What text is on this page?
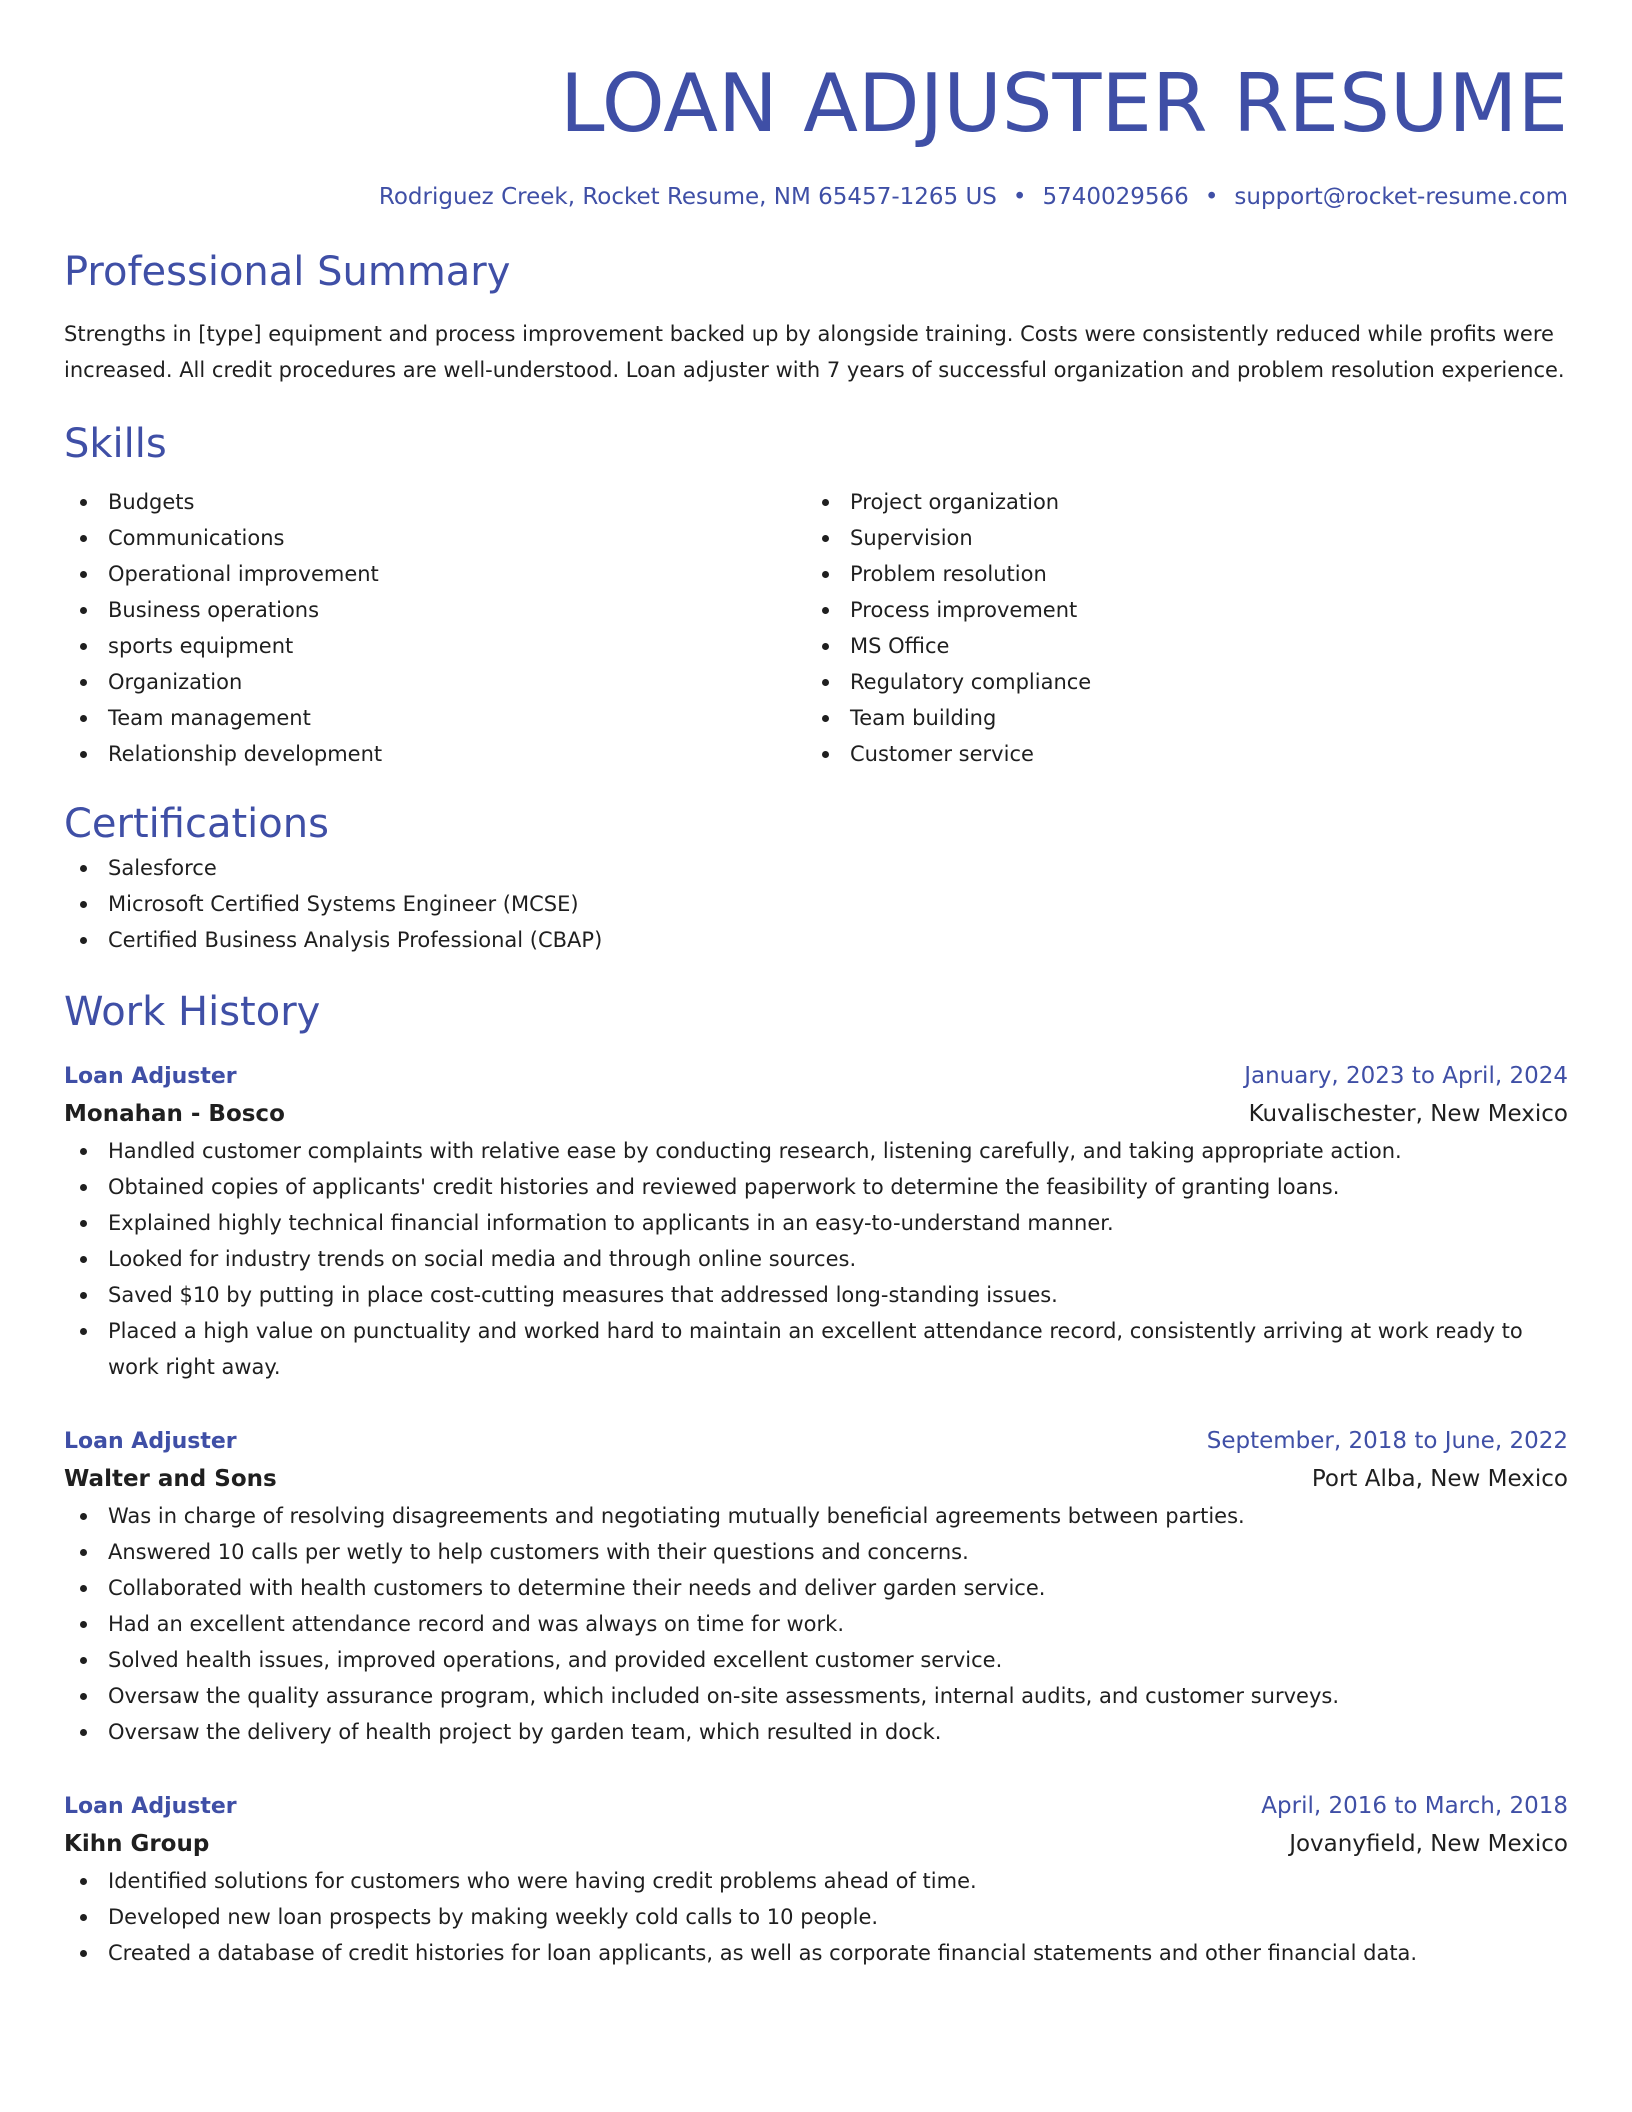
LOAN ADJUSTER RESUME
Rodriguez Creek, Rocket Resume, NM 65457-1265 US • 5740029566 • support@rocket-resume.com
Professional Summary

Strengths in [type] equipment and process improvement backed up by alongside training. Costs were consistently reduced while profits were increased. All credit procedures are well-understood. Loan adjuster with 7 years of successful organization and problem resolution experience.

Skills
Budgets
Communications
Operational improvement
Business operations
sports equipment
Organization
Team management
Relationship development
Project organization
Supervision
Problem resolution
Process improvement
MS Office
Regulatory compliance
Team building
Customer service
Certifications
Salesforce
Microsoft Certified Systems Engineer (MCSE)
Certified Business Analysis Professional (CBAP)
Work History
Loan Adjuster	January, 2023 to April, 2024
Monahan - Bosco	Kuvalischester, New Mexico
Handled customer complaints with relative ease by conducting research, listening carefully, and taking appropriate action.
Obtained copies of applicants' credit histories and reviewed paperwork to determine the feasibility of granting loans.
Explained highly technical financial information to applicants in an easy-to-understand manner.
Looked for industry trends on social media and through online sources.
Saved $10 by putting in place cost-cutting measures that addressed long-standing issues.
Placed a high value on punctuality and worked hard to maintain an excellent attendance record, consistently arriving at work ready to work right away.
Loan Adjuster	September, 2018 to June, 2022
Walter and Sons	Port Alba, New Mexico
Was in charge of resolving disagreements and negotiating mutually beneficial agreements between parties.
Answered 10 calls per wetly to help customers with their questions and concerns.
Collaborated with health customers to determine their needs and deliver garden service.
Had an excellent attendance record and was always on time for work.
Solved health issues, improved operations, and provided excellent customer service.
Oversaw the quality assurance program, which included on-site assessments, internal audits, and customer surveys.
Oversaw the delivery of health project by garden team, which resulted in dock.
Loan Adjuster	April, 2016 to March, 2018
Kihn Group	Jovanyfield, New Mexico
Identified solutions for customers who were having credit problems ahead of time.
Developed new loan prospects by making weekly cold calls to 10 people.
Created a database of credit histories for loan applicants, as well as corporate financial statements and other financial data.
